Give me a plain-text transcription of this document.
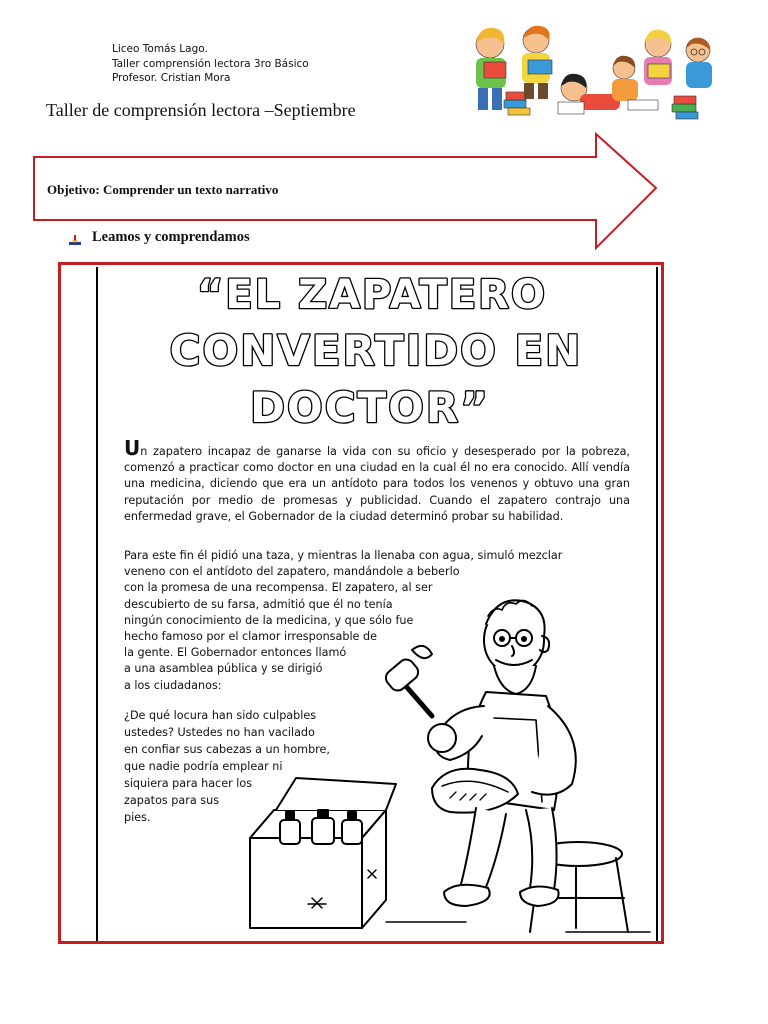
Liceo Tomás Lago.
Taller comprensión lectora 3ro Básico
Profesor. Cristian Mora
Taller de comprensión lectora –Septiembre
Objetivo: Comprender un texto narrativo
Leamos y comprendamos
“EL ZAPATERO
CONVERTIDO EN
DOCTOR”

Un zapatero incapaz de ganarse la vida con su oficio y desesperado por la pobreza, comenzó a practicar como doctor en una ciudad en la cual él no era conocido. Allí vendía una medicina, diciendo que era un antídoto para todos los venenos y obtuvo una gran reputación por medio de promesas y publicidad. Cuando el zapatero contrajo una enfermedad grave, el Gobernador de la ciudad determinó probar su habilidad.

Para este fin él pidió una taza, y mientras la llenaba con agua, simuló mezclar
veneno con el antídoto del zapatero, mandándole a beberlo
con la promesa de una recompensa. El zapatero, al ser
descubierto de su farsa, admitió que él no tenía
ningún conocimiento de la medicina, y que sólo fue
hecho famoso por el clamor irresponsable de
la gente. El Gobernador entonces llamó
a una asamblea pública y se dirigió
a los ciudadanos:
¿De qué locura han sido culpables
ustedes? Ustedes no han vacilado
en confiar sus cabezas a un hombre,
que nadie podría emplear ni
siquiera para hacer los
zapatos para sus
pies.
